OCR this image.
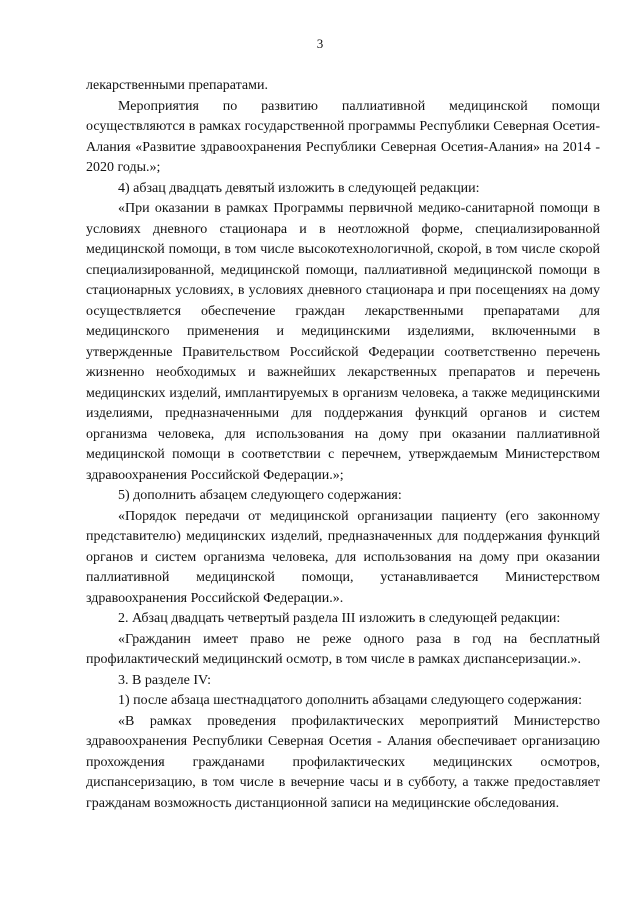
3

лекарственными препаратами.

Мероприятия по развитию паллиативной медицинской помощи осуществляются в рамках государственной программы Республики Северная Осетия-Алания «Развитие здравоохранения Республики Северная Осетия-Алания» на 2014 - 2020 годы.»;

4) абзац двадцать девятый изложить в следующей редакции:

«При оказании в рамках Программы первичной медико-санитарной помощи в условиях дневного стационара и в неотложной форме, специализированной медицинской помощи, в том числе высокотехнологичной, скорой, в том числе скорой специализированной, медицинской помощи, паллиативной медицинской помощи в стационарных условиях, в условиях дневного стационара и при посещениях на дому осуществляется обеспечение граждан лекарственными препаратами для медицинского применения и медицинскими изделиями, включенными в утвержденные Правительством Российской Федерации соответственно перечень жизненно необходимых и важнейших лекарственных препаратов и перечень медицинских изделий, имплантируемых в организм человека, а также медицинскими изделиями, предназначенными для поддержания функций органов и систем организма человека, для использования на дому при оказании паллиативной медицинской помощи в соответствии с перечнем, утверждаемым Министерством здравоохранения Российской Федерации.»;

5) дополнить абзацем следующего содержания:

«Порядок передачи от медицинской организации пациенту (его законному представителю) медицинских изделий, предназначенных для поддержания функций органов и систем организма человека, для использования на дому при оказании паллиативной медицинской помощи, устанавливается Министерством здравоохранения Российской Федерации.».

2. Абзац двадцать четвертый раздела III изложить в следующей редакции:

«Гражданин имеет право не реже одного раза в год на бесплатный профилактический медицинский осмотр, в том числе в рамках диспансеризации.».

3. В разделе IV:

1) после абзаца шестнадцатого дополнить абзацами следующего содержания:

«В рамках проведения профилактических мероприятий Министерство здравоохранения Республики Северная Осетия - Алания обеспечивает организацию прохождения гражданами профилактических медицинских осмотров, диспансеризацию, в том числе в вечерние часы и в субботу, а также предоставляет гражданам возможность дистанционной записи на медицинские обследования.
